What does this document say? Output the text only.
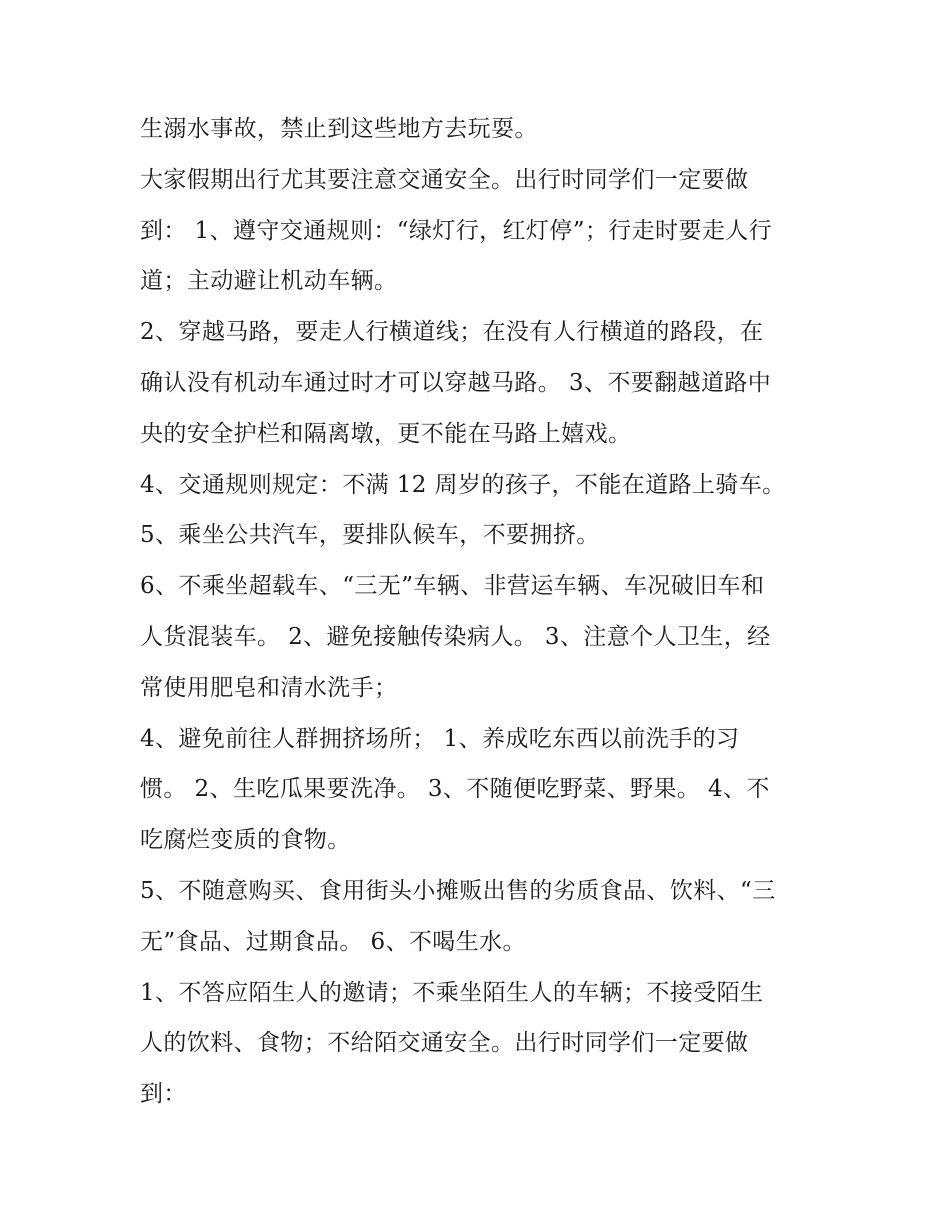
生溺水事故，禁止到这些地方去玩耍。
大家假期出行尤其要注意交通安全。出行时同学们一定要做
到： 1、遵守交通规则：“绿灯行，红灯停”；行走时要走人行
道；主动避让机动车辆。
2、穿越马路，要走人行横道线；在没有人行横道的路段，在
确认没有机动车通过时才可以穿越马路。 3、不要翻越道路中
央的安全护栏和隔离墩，更不能在马路上嬉戏。
4、交通规则规定：不满 12 周岁的孩子，不能在道路上骑车。
5、乘坐公共汽车，要排队候车，不要拥挤。
6、不乘坐超载车、“三无”车辆、非营运车辆、车况破旧车和
人货混装车。 2、避免接触传染病人。 3、注意个人卫生，经
常使用肥皂和清水洗手；
4、避免前往人群拥挤场所； 1、养成吃东西以前洗手的习
惯。 2、生吃瓜果要洗净。 3、不随便吃野菜、野果。 4、不
吃腐烂变质的食物。
5、不随意购买、食用街头小摊贩出售的劣质食品、饮料、“三
无”食品、过期食品。 6、不喝生水。
1、不答应陌生人的邀请；不乘坐陌生人的车辆；不接受陌生
人的饮料、食物；不给陌交通安全。出行时同学们一定要做
到：
